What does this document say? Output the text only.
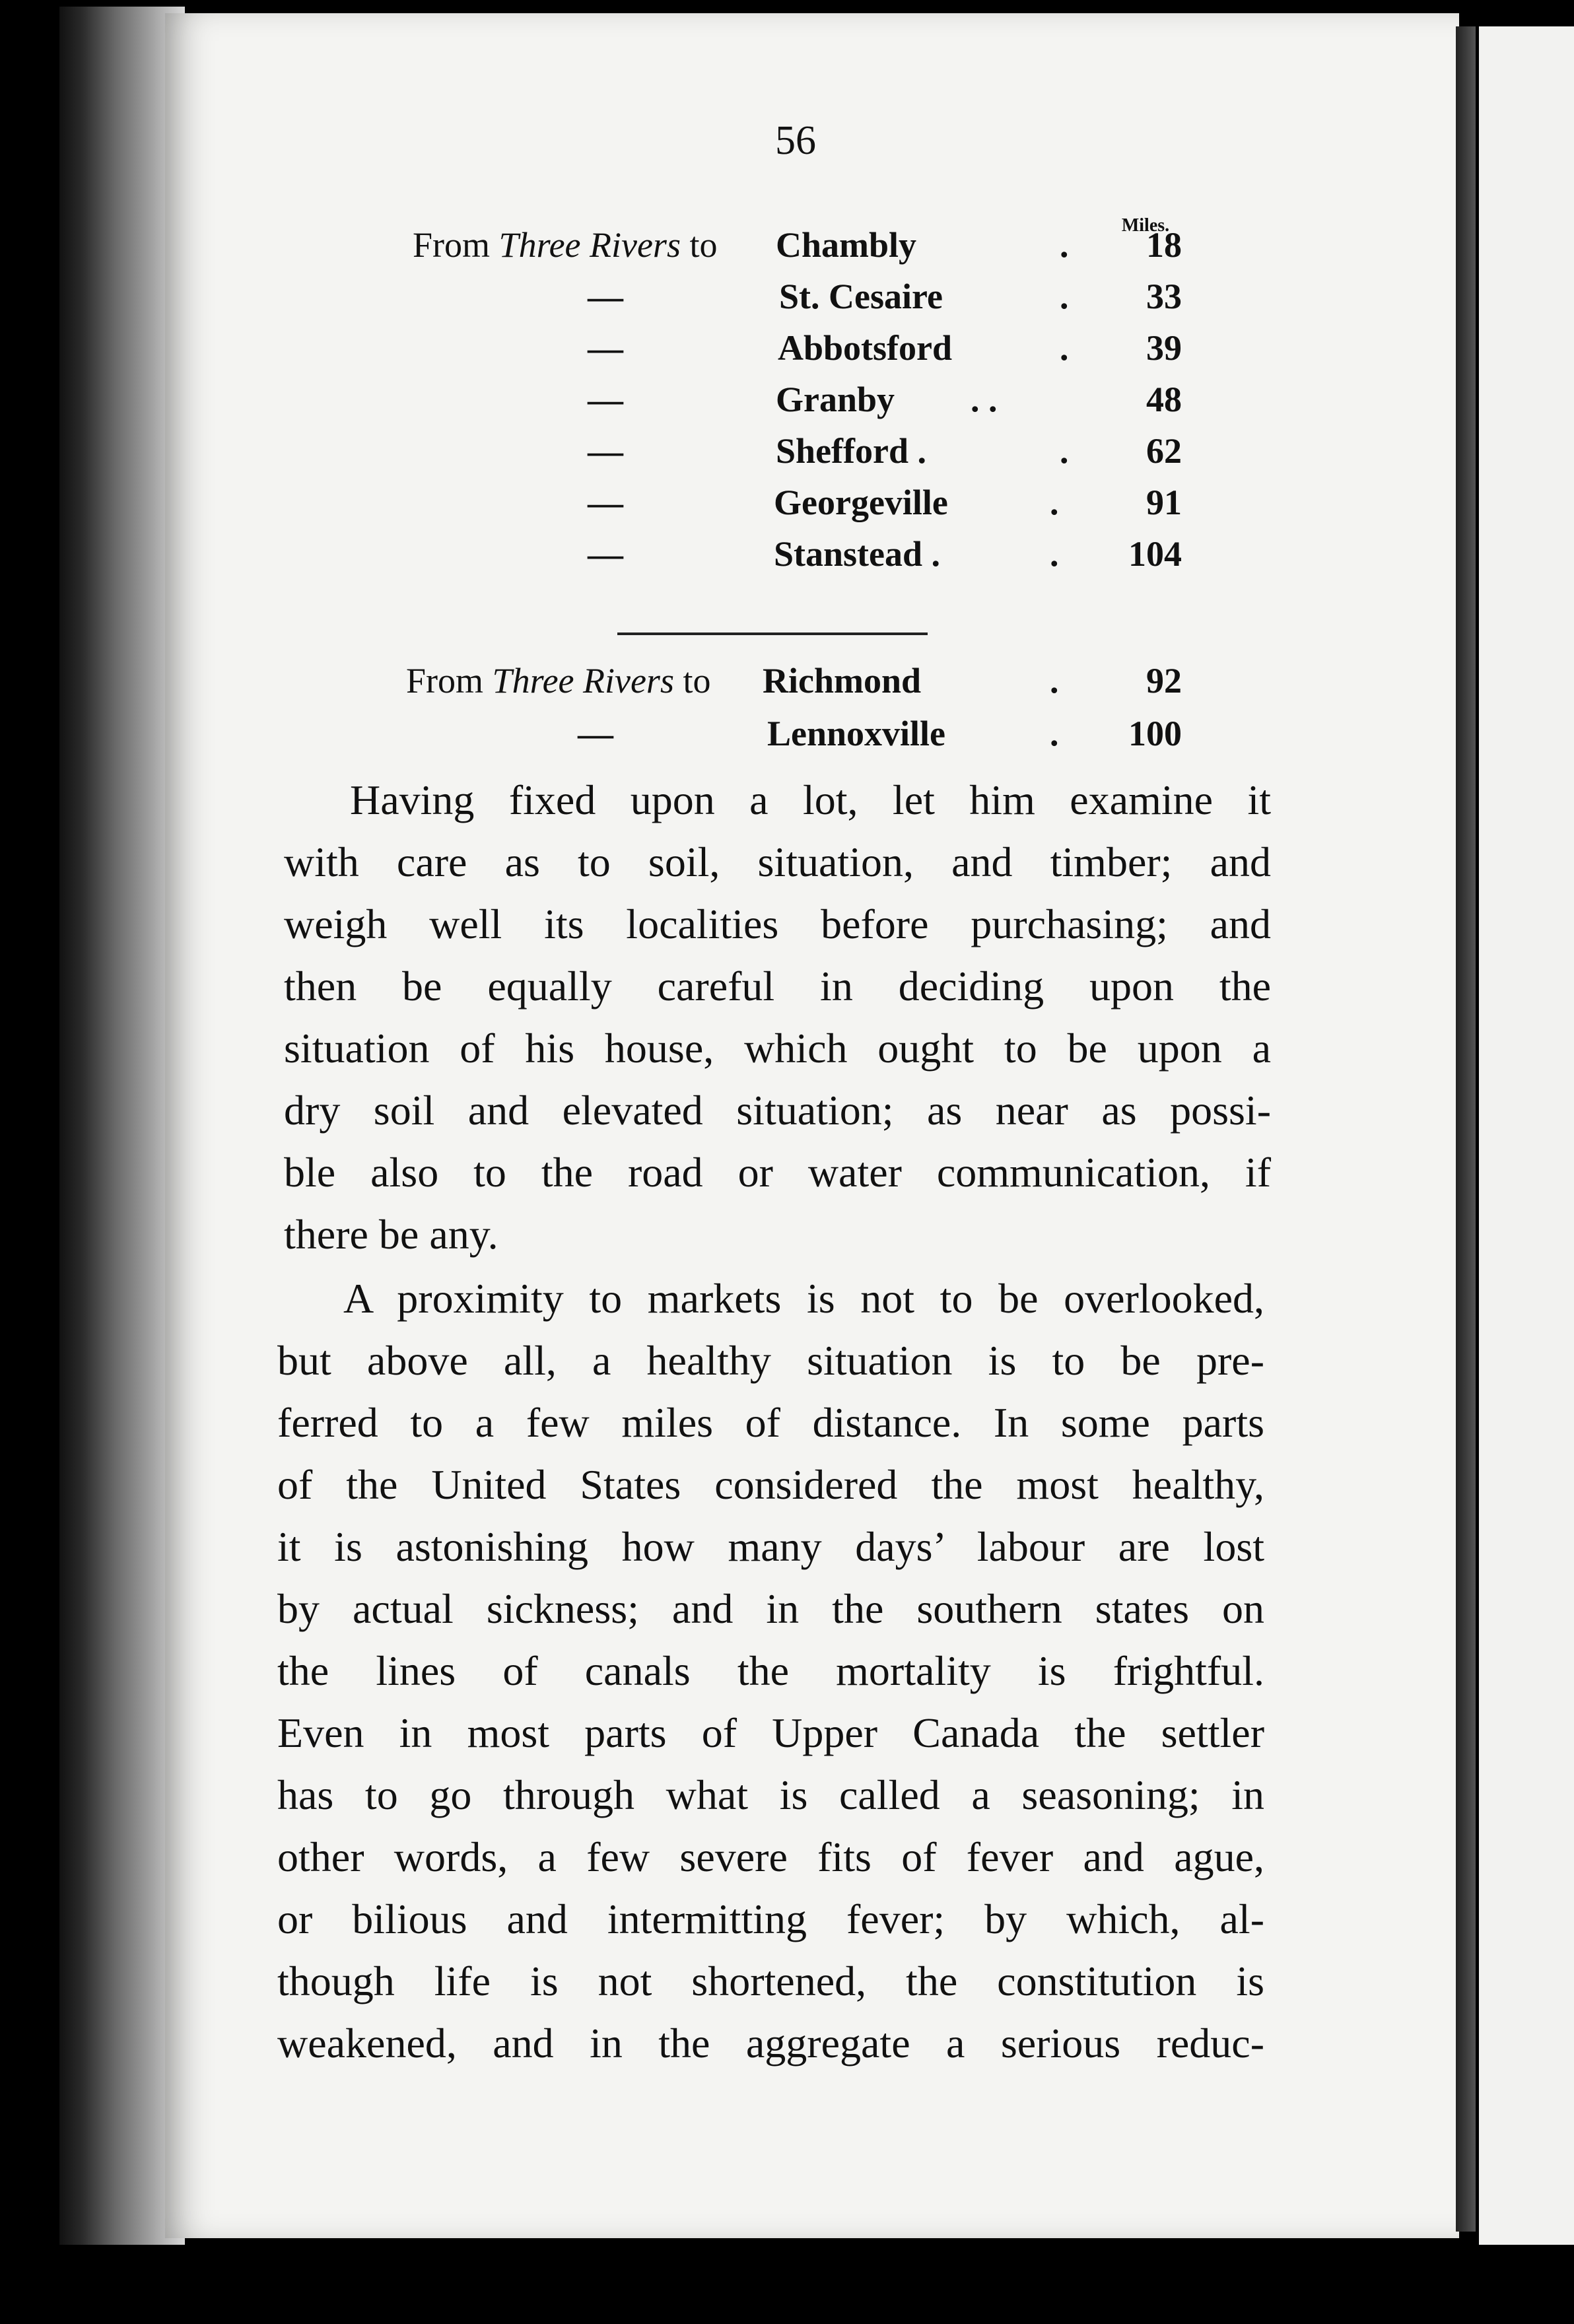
56
Miles.
From Three Rivers to Chambly	.	18
—	St. Cesaire	.	33
—	Abbotsford	.	39
—	Granby . .	48
—	Shefford .	.	62
—	Georgeville	.	91
—	Stanstead .	.	104
From Three Rivers to Richmond	.	92
—	Lennoxville	.	100
Having fixed upon a lot, let him examine it
with care as to soil, situation, and timber; and
weigh well its localities before purchasing; and
then be equally careful in deciding upon the
situation of his house, which ought to be upon a
dry soil and elevated situation; as near as possi-
ble also to the road or water communication, if
there be any.
A proximity to markets is not to be overlooked,
but above all, a healthy situation is to be pre-
ferred to a few miles of distance. In some parts
of the United States considered the most healthy,
it is astonishing how many days’ labour are lost
by actual sickness; and in the southern states on
the lines of canals the mortality is frightful.
Even in most parts of Upper Canada the settler
has to go through what is called a seasoning; in
other words, a few severe fits of fever and ague,
or bilious and intermitting fever; by which, al-
though life is not shortened, the constitution is
weakened, and in the aggregate a serious reduc-
